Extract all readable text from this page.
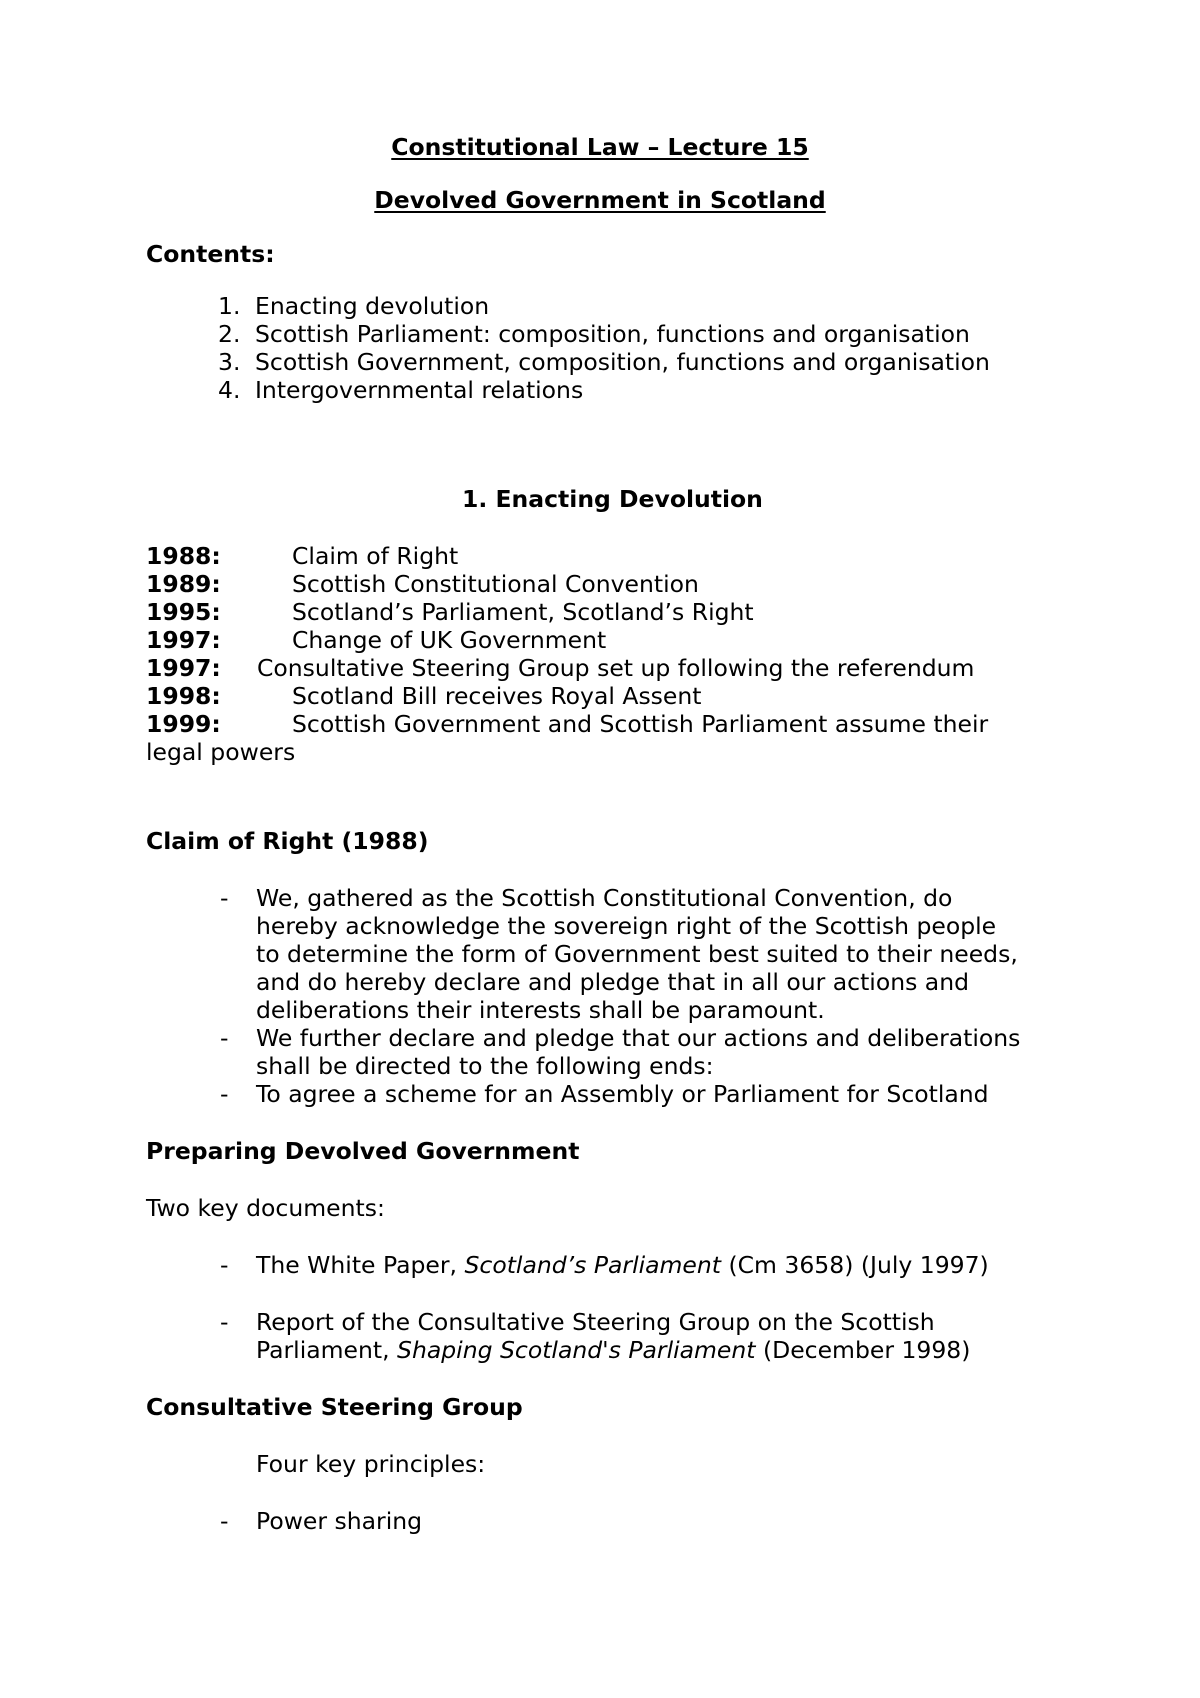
Constitutional Law – Lecture 15
Devolved Government in Scotland
Contents:
1. Enacting devolution
2. Scottish Parliament: composition, functions and organisation
3. Scottish Government, composition, functions and organisation
4. Intergovernmental relations
1. Enacting Devolution
1988:	Claim of Right
1989:	Scottish Constitutional Convention
1995:	Scotland’s Parliament, Scotland’s Right
1997:	Change of UK Government
1997: Consultative Steering Group set up following the referendum
1998:	Scotland Bill receives Royal Assent
1999:	Scottish Government and Scottish Parliament assume their
legal powers
Claim of Right (1988)
- We, gathered as the Scottish Constitutional Convention, do
hereby acknowledge the sovereign right of the Scottish people
to determine the form of Government best suited to their needs,
and do hereby declare and pledge that in all our actions and
deliberations their interests shall be paramount.
- We further declare and pledge that our actions and deliberations
shall be directed to the following ends:
- To agree a scheme for an Assembly or Parliament for Scotland
Preparing Devolved Government
Two key documents:
- The White Paper, Scotland’s Parliament (Cm 3658) (July 1997)
- Report of the Consultative Steering Group on the Scottish
Parliament, Shaping Scotland's Parliament (December 1998)
Consultative Steering Group
Four key principles:
- Power sharing
